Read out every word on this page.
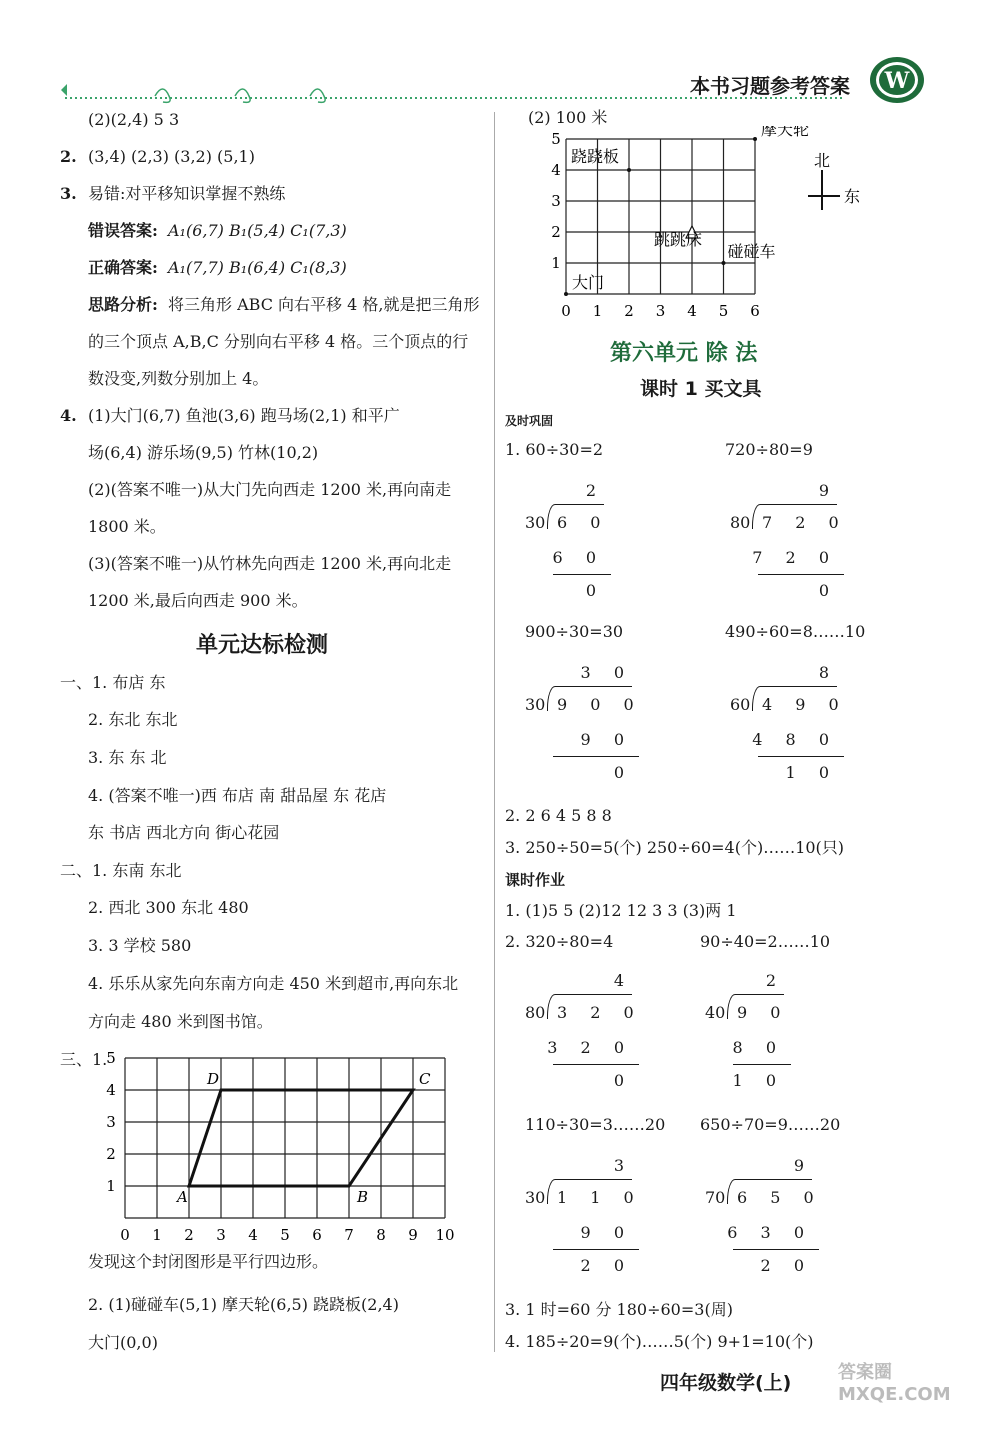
本书习题参考答案 W
(2)(2,4) 5 3
2. (3,4) (2,3) (3,2) (5,1)
3. 易错:对平移知识掌握不熟练
错误答案: A₁(6,7) B₁(5,4) C₁(7,3)
正确答案: A₁(7,7) B₁(6,4) C₁(8,3)
思路分析: 将三角形 ABC 向右平移 4 格,就是把三角形
的三个顶点 A,B,C 分别向右平移 4 格。三个顶点的行
数没变,列数分别加上 4。
4. (1)大门(6,7) 鱼池(3,6) 跑马场(2,1) 和平广
场(6,4) 游乐场(9,5) 竹林(10,2)
(2)(答案不唯一)从大门先向西走 1200 米,再向南走
1800 米。
(3)(答案不唯一)从竹林先向西走 1200 米,再向北走
1200 米,最后向西走 900 米。
单元达标检测
一、1. 布店 东
2. 东北 东北
3. 东 东 北
4. (答案不唯一)西 布店 南 甜品屋 东 花店
东 书店 西北方向 街心花园
二、1. 东南 东北
2. 西北 300 东北 480
3. 3 学校 580
4. 乐乐从家先向东南方向走 450 米到超市,再向东北
方向走 480 米到图书馆。
三、1.
0 1 2 3 4 5 6 7 8 9 10
1
2
3
4
5
A	B
C
D
发现这个封闭图形是平行四边形。
2. (1)碰碰车(5,1) 摩天轮(6,5) 跷跷板(2,4)
大门(0,0)
(2) 100 米
0 1 2 3 4 5 6
1
2
3
4
5	摩天轮
跷跷板
跳跳床
碰碰车
大门
北
东
第六单元 除 法
课时 1 买文具
及时巩固
1. 60÷30=2	720÷80=9
2
30 6 0
6 0
0
9
80 7 2 0
7 2 0
0
3 0
30 9 0 0
9 0
0
8
60 4 9 0
4 8 0
1 0
4
80 3 2 0
3 2 0
0
2
40 9 0
8 0
1 0
3
30 1 1 0
9 0
2 0
9
70 6 5 0
6 3 0
2 0
900÷30=30	490÷60=8……10
2. 2 6 4 5 8 8
3. 250÷50=5(个) 250÷60=4(个)……10(只)
课时作业
1. (1)5 5 (2)12 12 3 3 (3)两 1
2. 320÷80=4	90÷40=2……10
110÷30=3……20 650÷70=9……20
3. 1 时=60 分 180÷60=3(周)
4. 185÷20=9(个)……5(个) 9+1=10(个)
四年级数学(上)	答案圈 MXQE.COM
